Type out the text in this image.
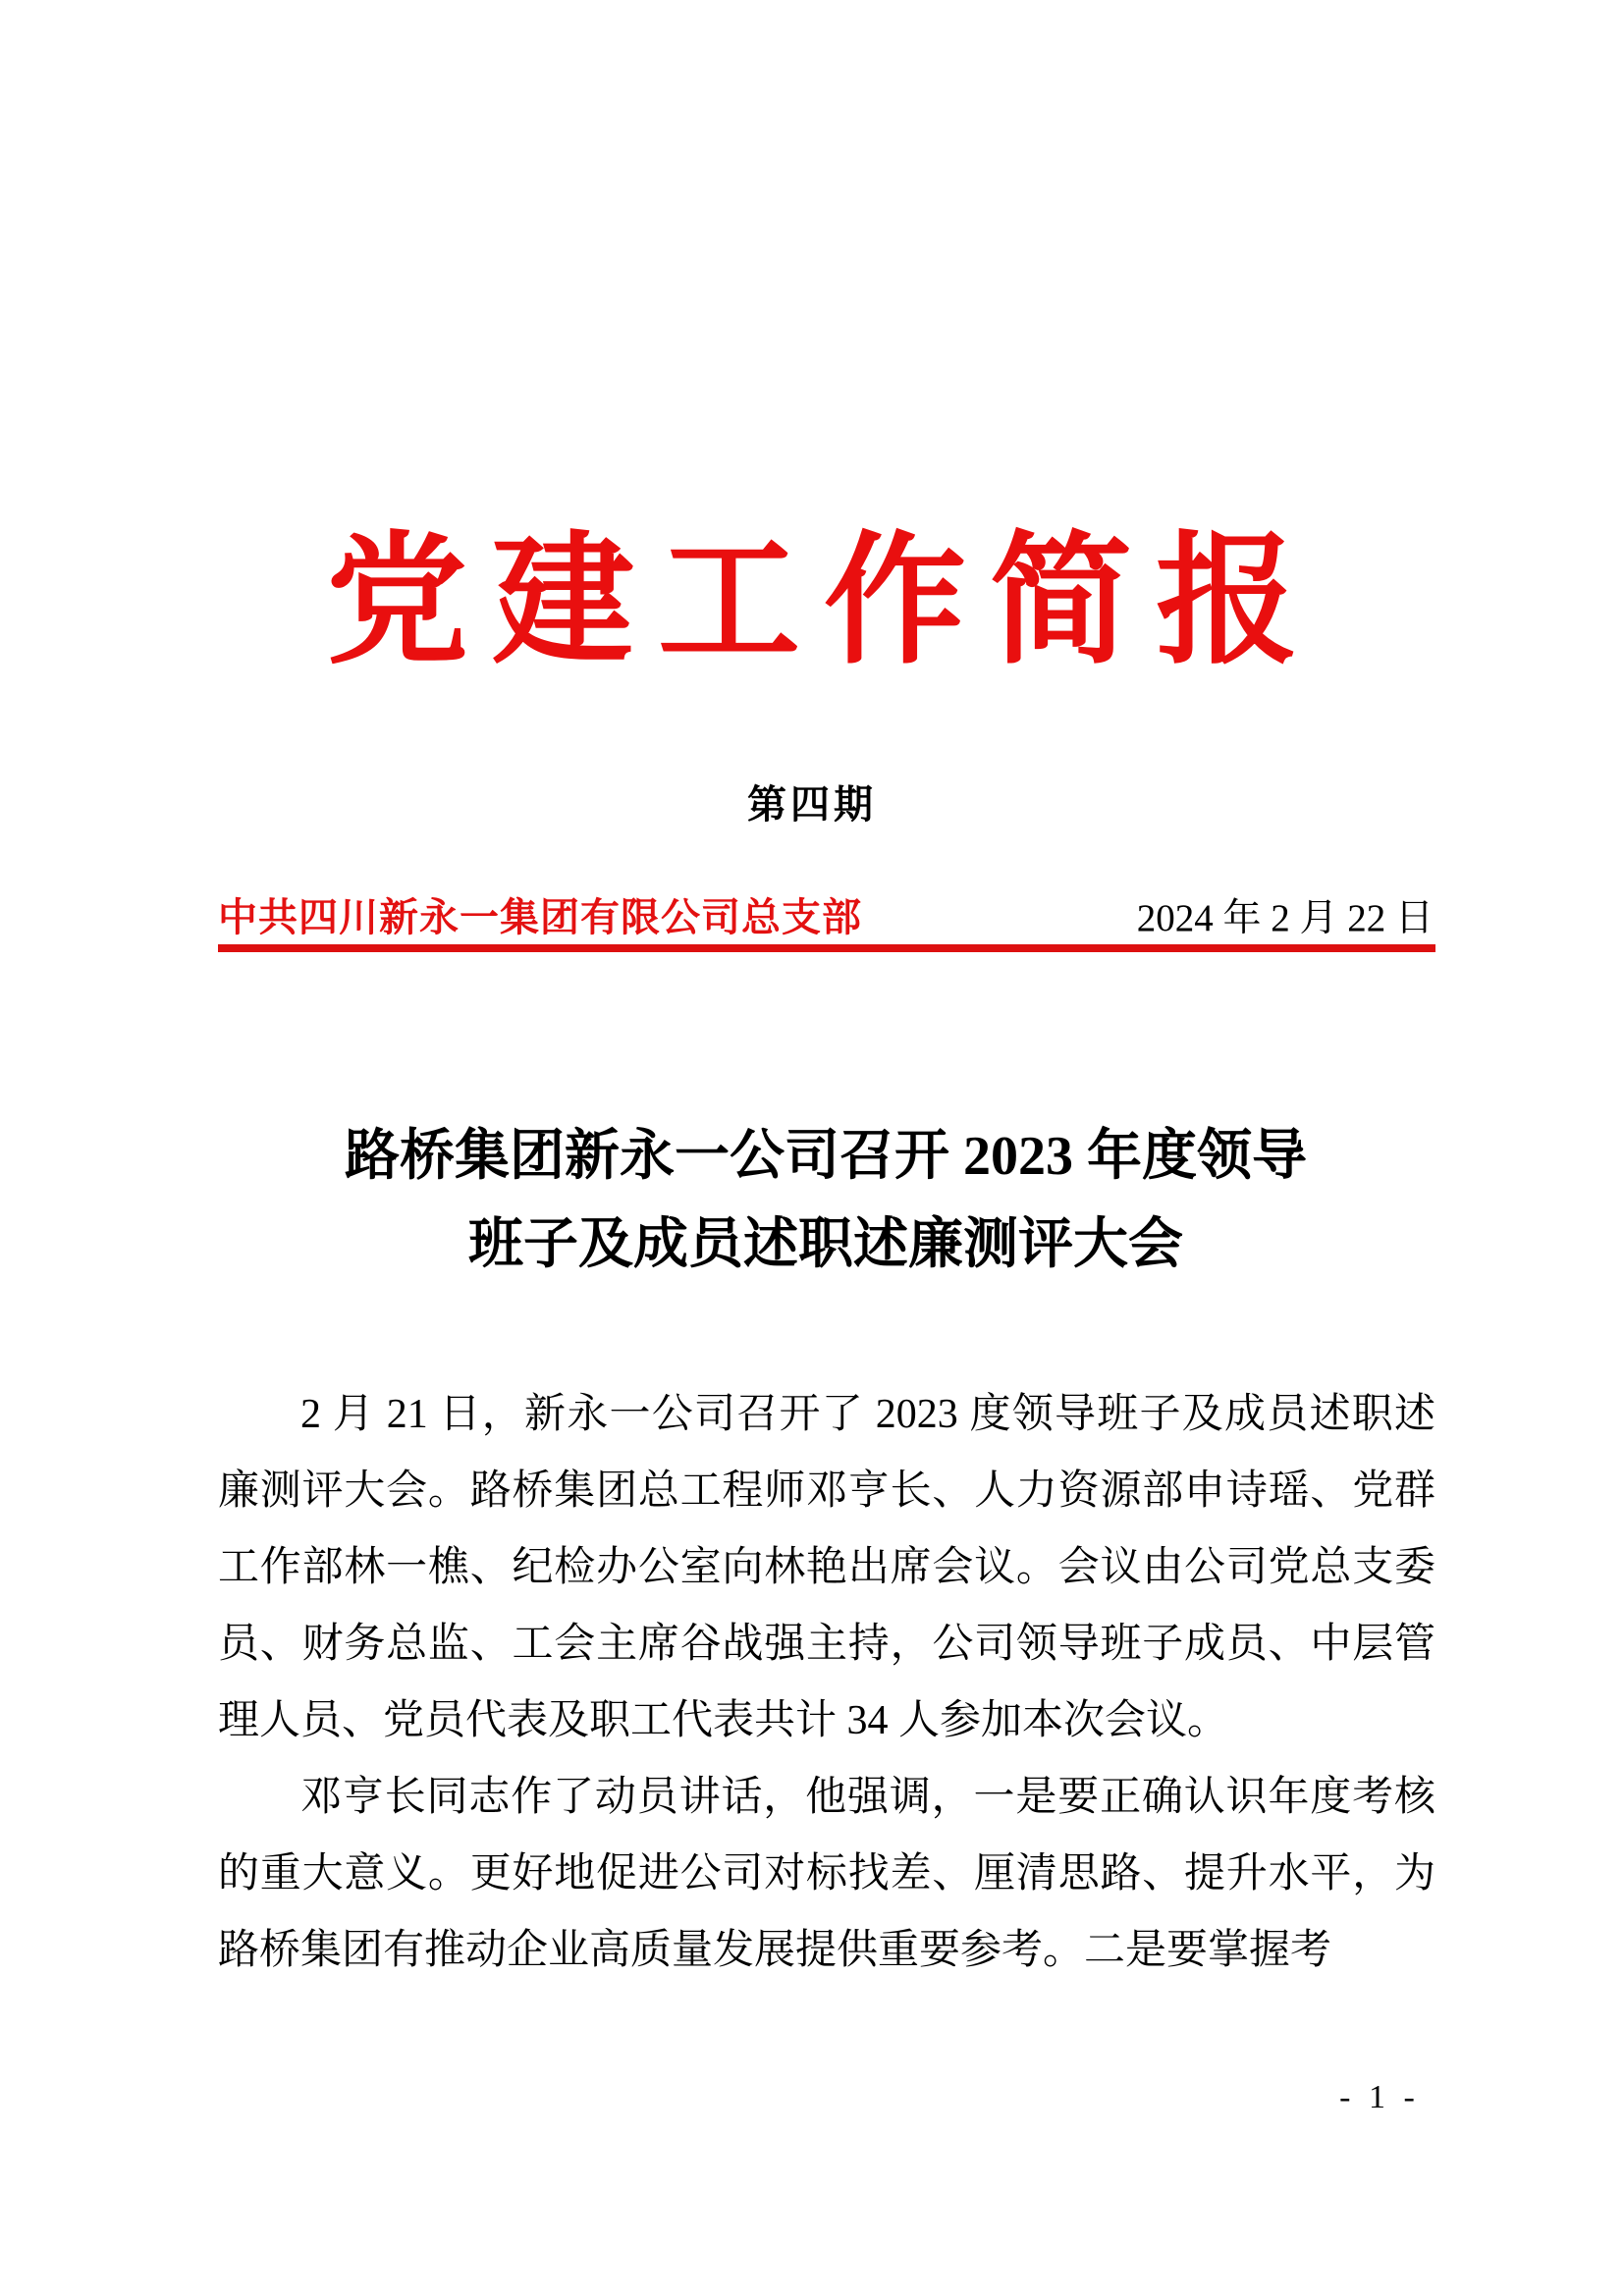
党建工作简报
第四期
中共四川新永一集团有限公司总支部	2024 年 2 月 22 日
路桥集团新永一公司召开 2023 年度领导
班子及成员述职述廉测评大会

2 月 21 日，新永一公司召开了 2023 度领导班子及成员述职述廉测评大会。路桥集团总工程师邓亨长、人力资源部申诗瑶、党群工作部林一樵、纪检办公室向林艳出席会议。会议由公司党总支委员、财务总监、工会主席谷战强主持，公司领导班子成员、中层管理人员、党员代表及职工代表共计 34 人参加本次会议。

邓亨长同志作了动员讲话，他强调，一是要正确认识年度考核的重大意义。更好地促进公司对标找差、厘清思路、提升水平，为路桥集团有推动企业高质量发展提供重要参考。二是要掌握考

- 1 -
